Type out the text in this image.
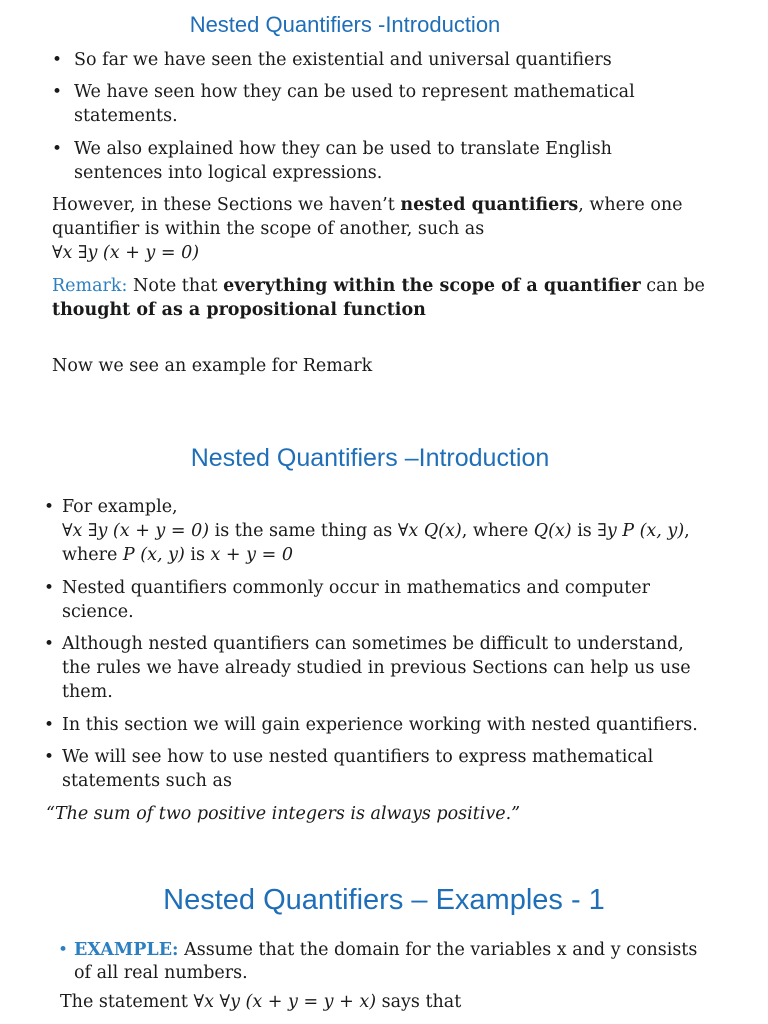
Nested Quantifiers -Introduction
• So far we have seen the existential and universal quantifiers

• We have seen how they can be used to represent mathematical

statements.

• We also explained how they can be used to translate English

sentences into logical expressions.

However, in these Sections we haven’t nested quantifiers, where one

quantifier is within the scope of another, such as

∀x ∃y (x + y = 0)

Remark: Note that everything within the scope of a quantifier can be

thought of as a propositional function

Now we see an example for Remark

Nested Quantifiers –Introduction
• For example,

∀x ∃y (x + y = 0) is the same thing as ∀x Q(x), where Q(x) is ∃y P (x, y),

where P (x, y) is x + y = 0

• Nested quantifiers commonly occur in mathematics and computer

science.

• Although nested quantifiers can sometimes be difficult to understand,

the rules we have already studied in previous Sections can help us use

them.

• In this section we will gain experience working with nested quantifiers.

• We will see how to use nested quantifiers to express mathematical

statements such as

“The sum of two positive integers is always positive.”

Nested Quantifiers – Examples - 1
• EXAMPLE: Assume that the domain for the variables x and y consists

of all real numbers.

The statement ∀x ∀y (x + y = y + x) says that
